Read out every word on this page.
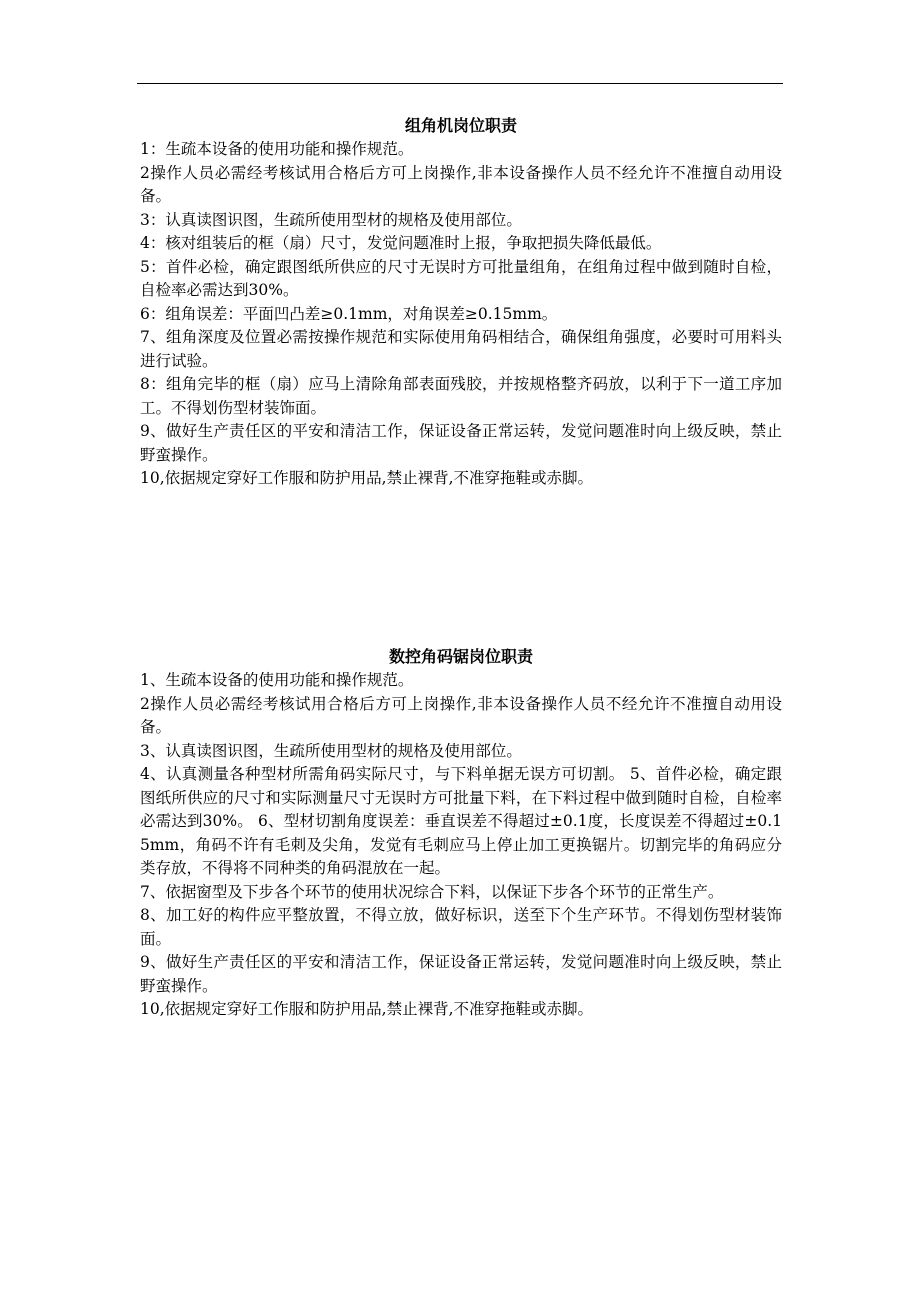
组角机岗位职责

1：生疏本设备的使用功能和操作规范。

2操作人员必需经考核试用合格后方可上岗操作,非本设备操作人员不经允许不准擅自动用设备。

3：认真读图识图，生疏所使用型材的规格及使用部位。

4：核对组装后的框（扇）尺寸，发觉问题准时上报，争取把损失降低最低。

5：首件必检，确定跟图纸所供应的尺寸无误时方可批量组角，在组角过程中做到随时自检，自检率必需达到30%。

6：组角误差：平面凹凸差≥0.1mm，对角误差≥0.15mm。

7、组角深度及位置必需按操作规范和实际使用角码相结合，确保组角强度，必要时可用料头进行试验。

8：组角完毕的框（扇）应马上清除角部表面残胶，并按规格整齐码放，以利于下一道工序加工。不得划伤型材装饰面。

9、做好生产责任区的平安和清洁工作，保证设备正常运转，发觉问题准时向上级反映，禁止野蛮操作。

10,依据规定穿好工作服和防护用品,禁止裸背,不准穿拖鞋或赤脚。

数控角码锯岗位职责

1、生疏本设备的使用功能和操作规范。

2操作人员必需经考核试用合格后方可上岗操作,非本设备操作人员不经允许不准擅自动用设备。

3、认真读图识图，生疏所使用型材的规格及使用部位。

4、认真测量各种型材所需角码实际尺寸，与下料单据无误方可切割。 5、首件必检，确定跟图纸所供应的尺寸和实际测量尺寸无误时方可批量下料，在下料过程中做到随时自检，自检率必需达到30%。 6、型材切割角度误差：垂直误差不得超过±0.1度，长度误差不得超过±0.15mm，角码不许有毛刺及尖角，发觉有毛刺应马上停止加工更换锯片。切割完毕的角码应分类存放，不得将不同种类的角码混放在一起。

7、依据窗型及下步各个环节的使用状况综合下料，以保证下步各个环节的正常生产。

8、加工好的构件应平整放置，不得立放，做好标识，送至下个生产环节。不得划伤型材装饰面。

9、做好生产责任区的平安和清洁工作，保证设备正常运转，发觉问题准时向上级反映，禁止野蛮操作。

10,依据规定穿好工作服和防护用品,禁止裸背,不准穿拖鞋或赤脚。
